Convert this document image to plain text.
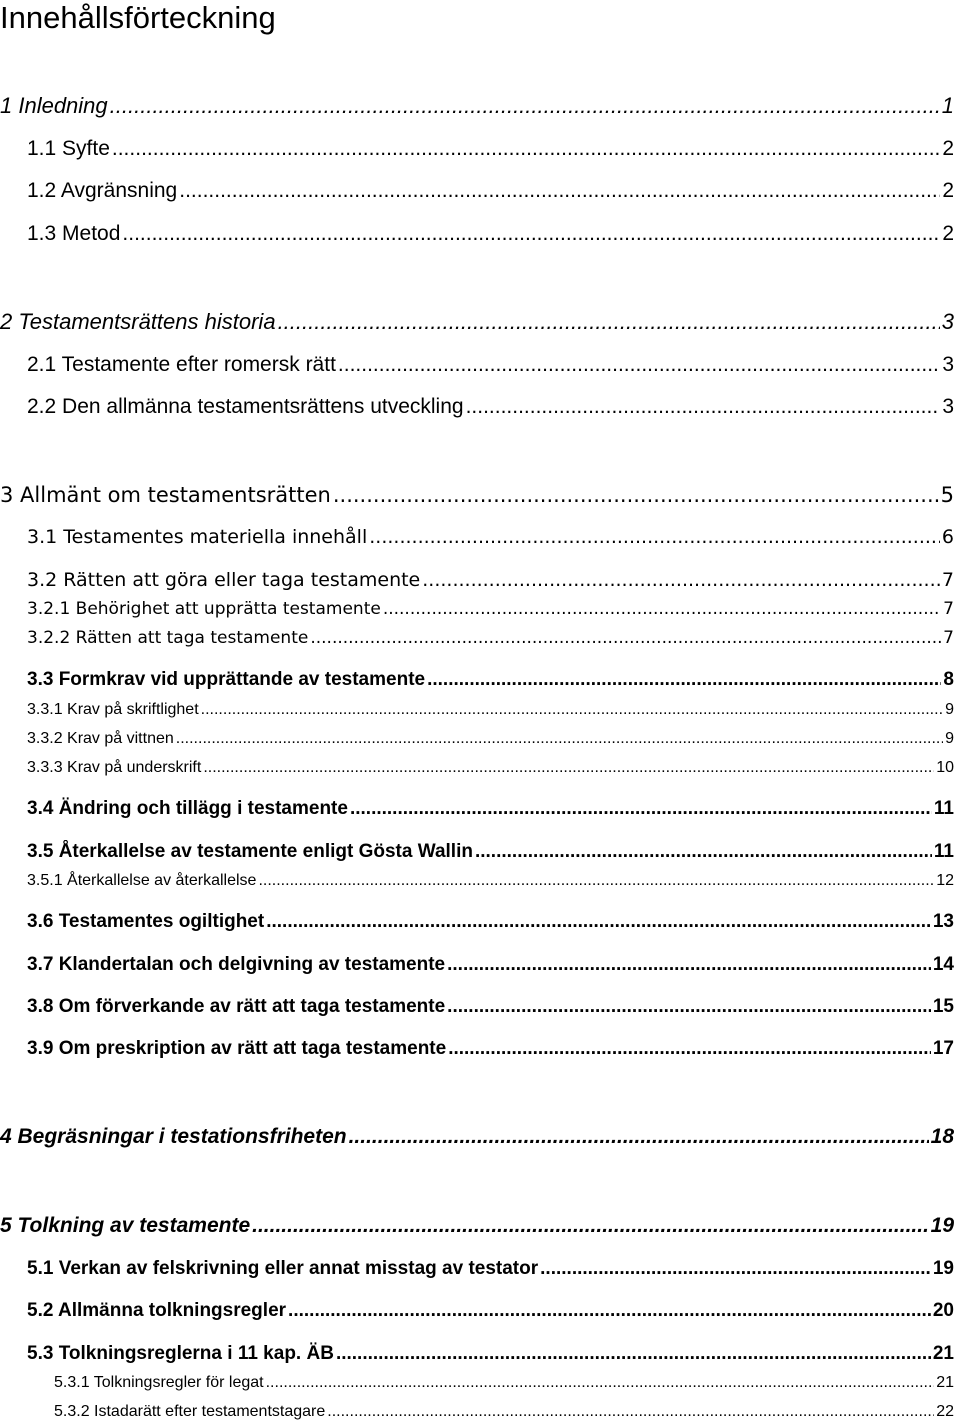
Innehållsförteckning
1 Inledning .....	1
1.1 Syfte .....	2
1.2 Avgränsning .....	2
1.3 Metod .....	2
2 Testamentsrättens historia .....	3
2.1 Testamente efter romersk rätt .....	3
2.2 Den allmänna testamentsrättens utveckling .....	3
3 Allmänt om testamentsrätten .....	5
3.1 Testamentes materiella innehåll .....	6
3.2 Rätten att göra eller taga testamente .....	7
3.2.1 Behörighet att upprätta testamente .....	7
3.2.2 Rätten att taga testamente .....	7
3.3 Formkrav vid upprättande av testamente .....	8
3.3.1 Krav på skriftlighet .....	9
3.3.2 Krav på vittnen .....	9
3.3.3 Krav på underskrift .....	10
3.4 Ändring och tillägg i testamente .....	11
3.5 Återkallelse av testamente enligt Gösta Wallin .....	11
3.5.1 Återkallelse av återkallelse .....	12
3.6 Testamentes ogiltighet .....	13
3.7 Klandertalan och delgivning av testamente .....	14
3.8 Om förverkande av rätt att taga testamente .....	15
3.9 Om preskription av rätt att taga testamente .....	17
4 Begräsningar i testationsfriheten .....	18
5 Tolkning av testamente .....	19
5.1 Verkan av felskrivning eller annat misstag av testator .....	19
5.2 Allmänna tolkningsregler .....	20
5.3 Tolkningsreglerna i 11 kap. ÄB .....	21
5.3.1 Tolkningsregler för legat .....	21
5.3.2 Istadarätt efter testamentstagare .....	22
